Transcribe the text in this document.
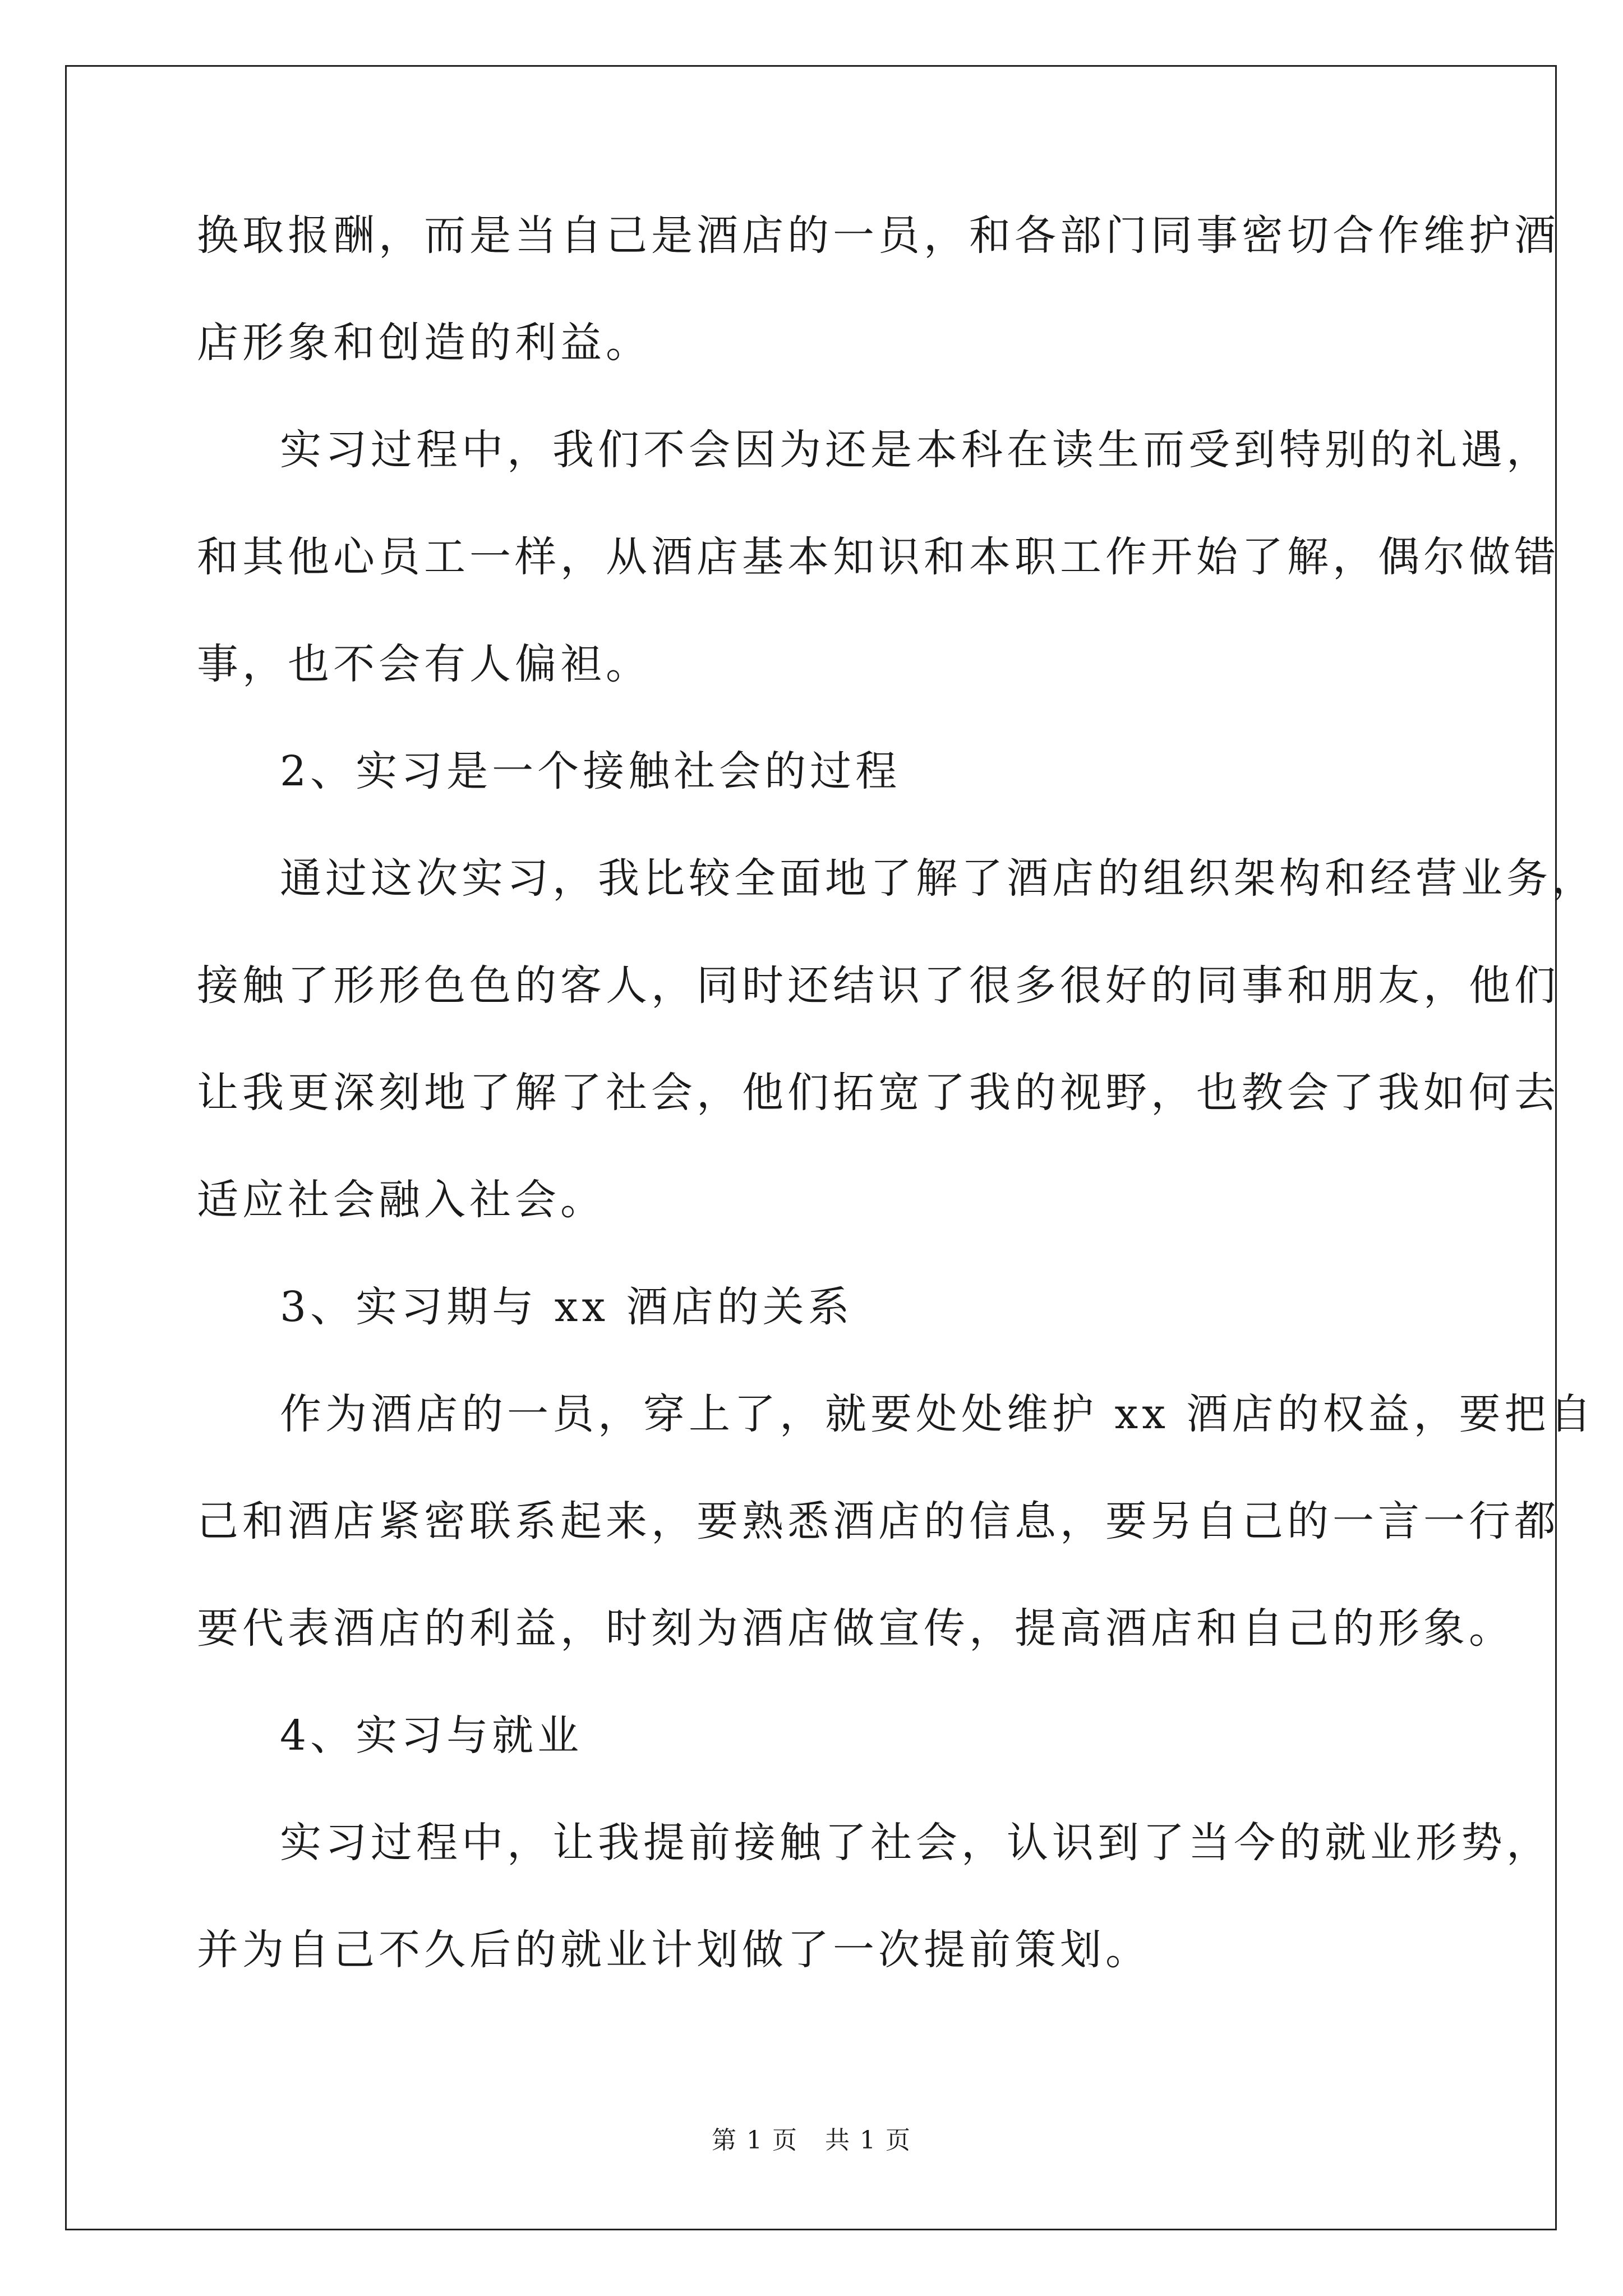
换取报酬，而是当自己是酒店的一员，和各部门同事密切合作维护酒
店形象和创造的利益。
实习过程中，我们不会因为还是本科在读生而受到特别的礼遇，
和其他心员工一样，从酒店基本知识和本职工作开始了解，偶尔做错
事，也不会有人偏袒。
2、实习是一个接触社会的过程
通过这次实习，我比较全面地了解了酒店的组织架构和经营业务，
接触了形形色色的客人，同时还结识了很多很好的同事和朋友，他们
让我更深刻地了解了社会，他们拓宽了我的视野，也教会了我如何去
适应社会融入社会。
3、实习期与 xx 酒店的关系
作为酒店的一员，穿上了，就要处处维护 xx 酒店的权益，要把自
己和酒店紧密联系起来，要熟悉酒店的信息，要另自己的一言一行都
要代表酒店的利益，时刻为酒店做宣传，提高酒店和自己的形象。
4、实习与就业
实习过程中，让我提前接触了社会，认识到了当今的就业形势，
并为自己不久后的就业计划做了一次提前策划。
第 1 页 共 1 页
